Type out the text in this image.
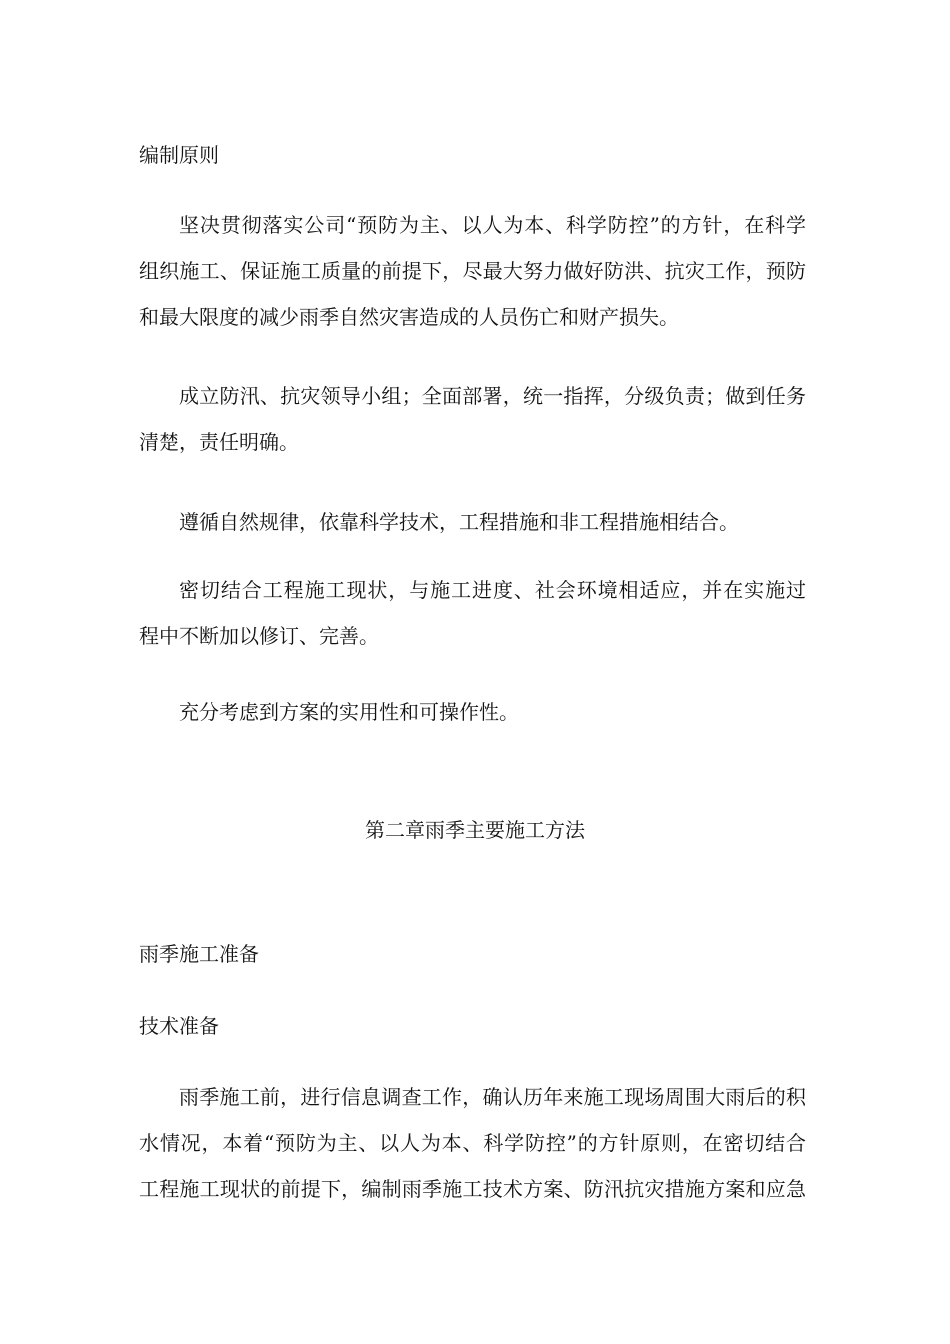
编制原则
坚决贯彻落实公司“预防为主、以人为本、科学防控”的方针，在科学
组织施工、保证施工质量的前提下，尽最大努力做好防洪、抗灾工作，预防
和最大限度的减少雨季自然灾害造成的人员伤亡和财产损失。
成立防汛、抗灾领导小组；全面部署，统一指挥，分级负责；做到任务
清楚，责任明确。
遵循自然规律，依靠科学技术，工程措施和非工程措施相结合。
密切结合工程施工现状，与施工进度、社会环境相适应，并在实施过
程中不断加以修订、完善。
充分考虑到方案的实用性和可操作性。
第二章雨季主要施工方法
雨季施工准备
技术准备
雨季施工前，进行信息调查工作，确认历年来施工现场周围大雨后的积
水情况，本着“预防为主、以人为本、科学防控”的方针原则，在密切结合
工程施工现状的前提下，编制雨季施工技术方案、防汛抗灾措施方案和应急
